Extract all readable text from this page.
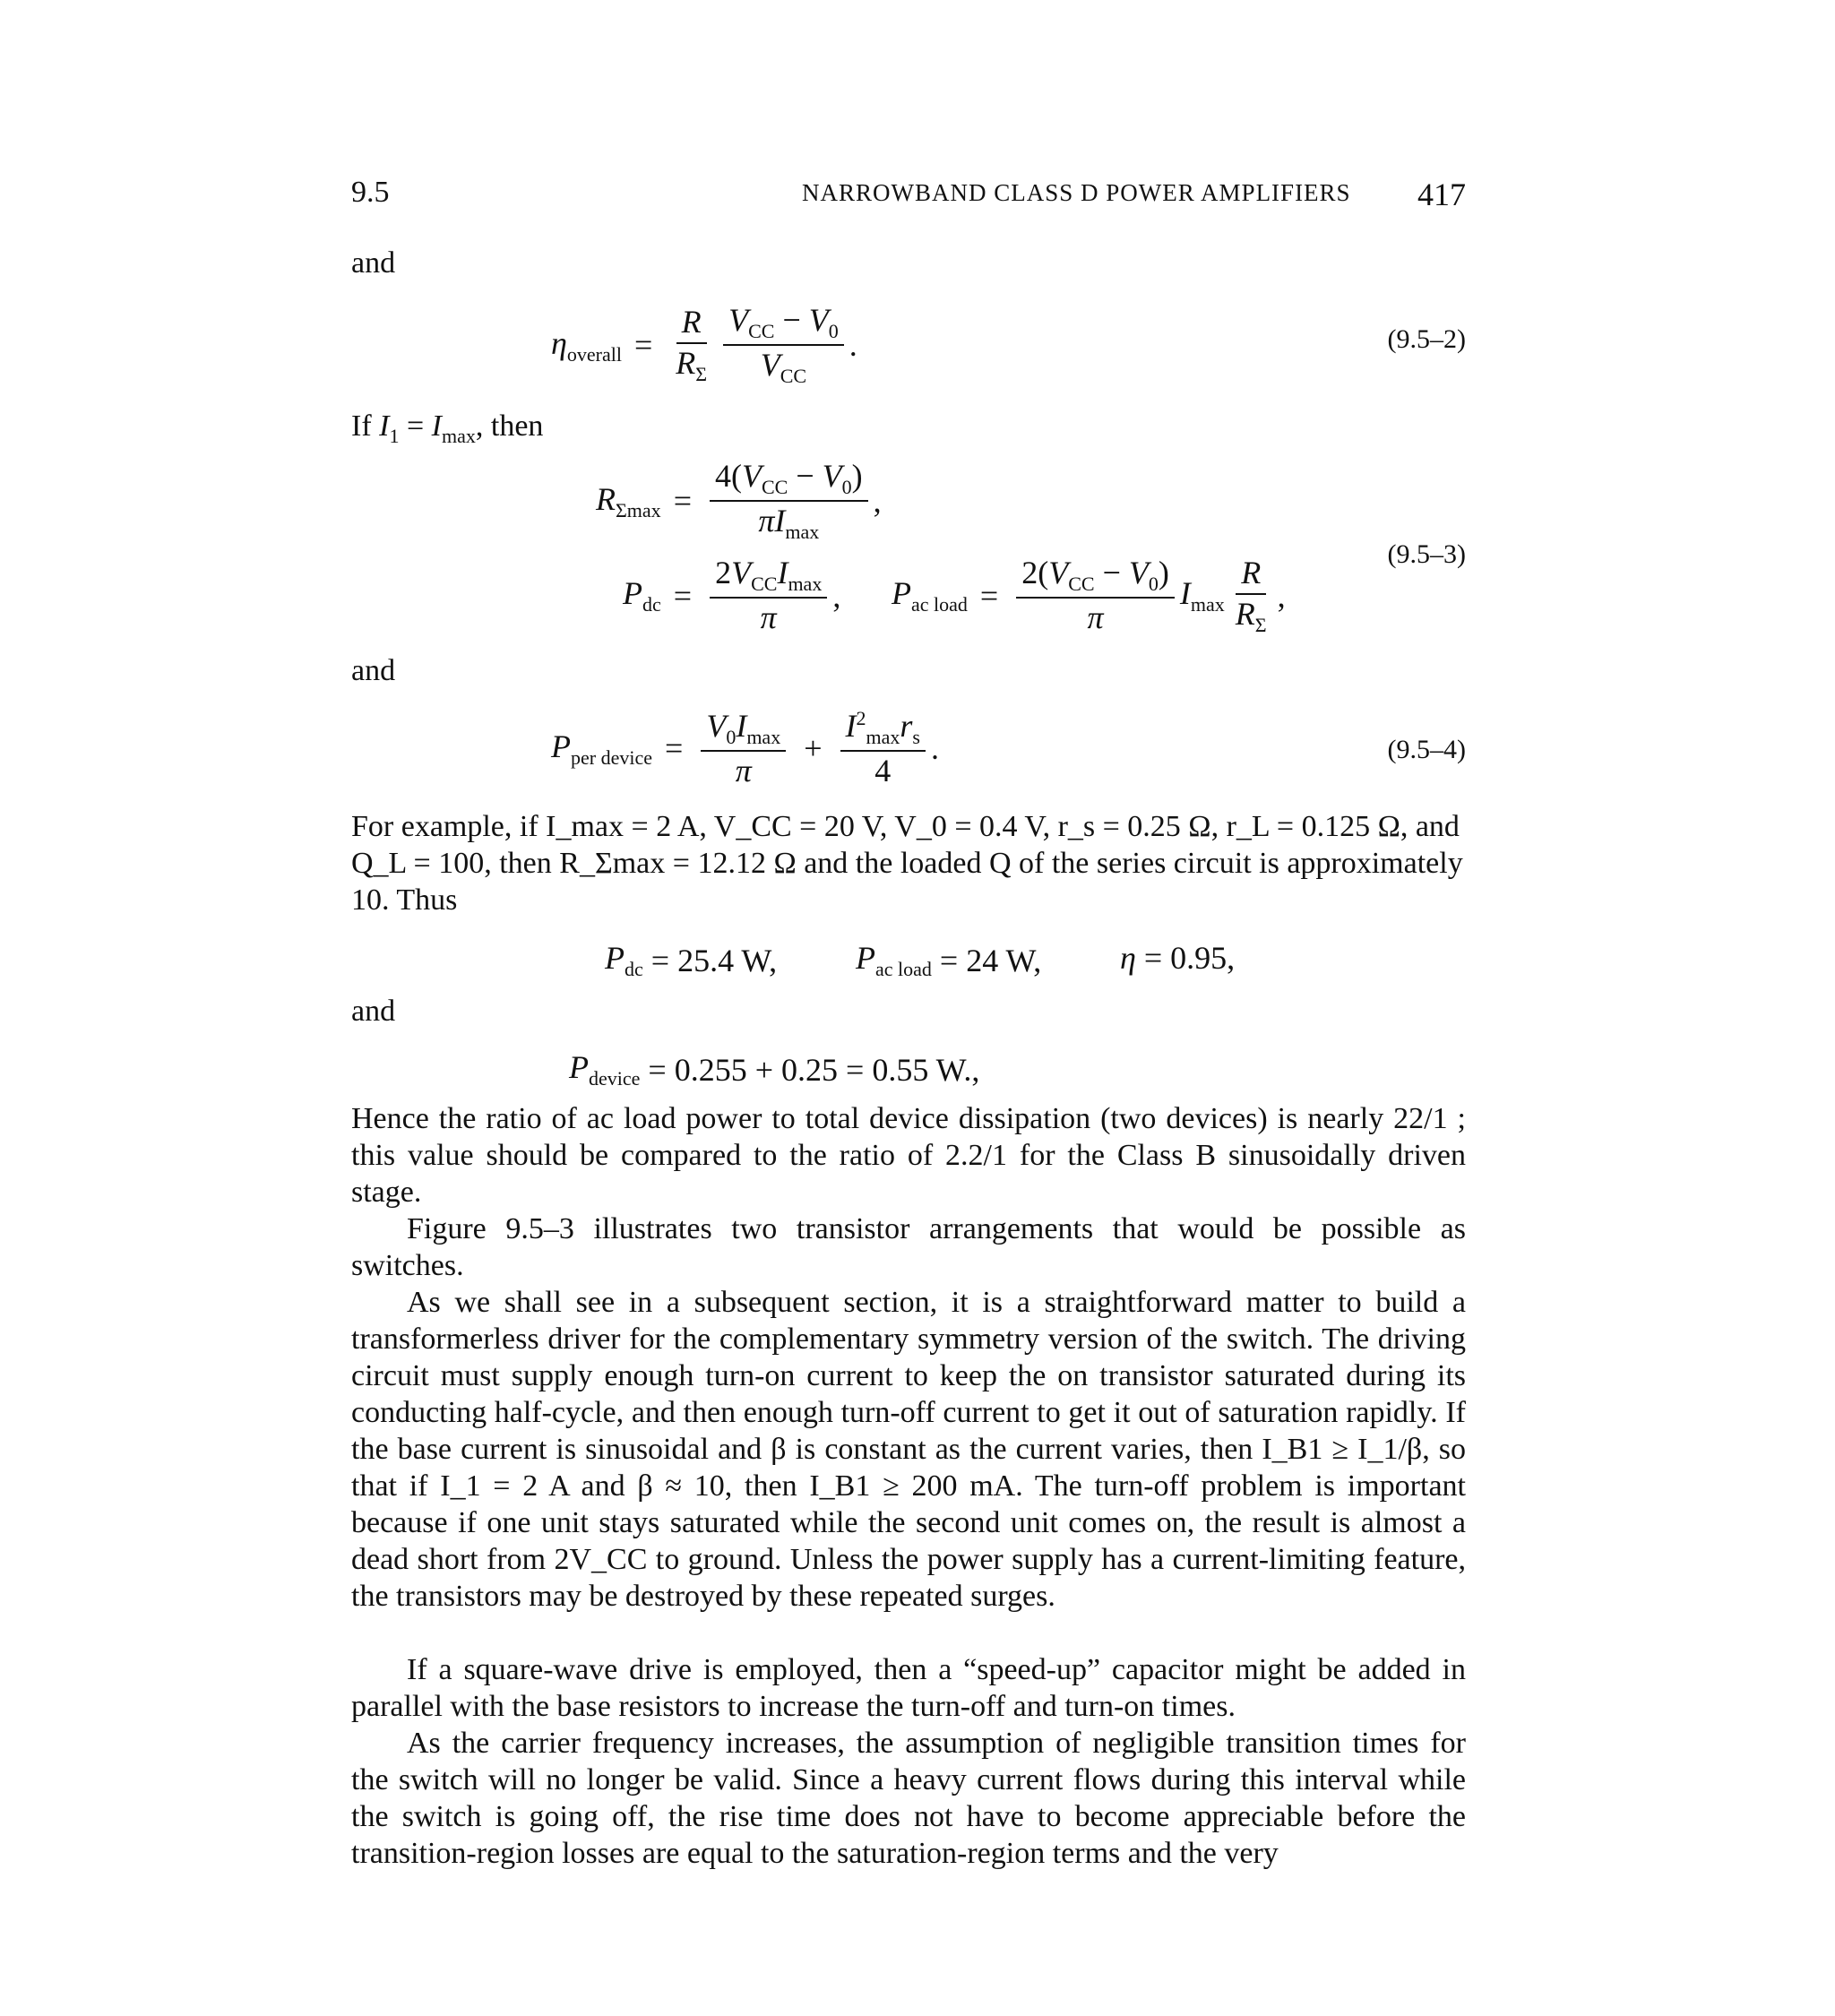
9.5	NARROWBAND CLASS D POWER AMPLIFIERS 417
and
$\eta_{overall} = \frac{R}{R_\Sigma} \frac{V_{CC} - V_0}{V_{CC}}$ .	(9.5–2)
If $I_1 = I_{max}$, then
$R_{\Sigma max} = \frac{4(V_{CC} - V_0)}{\pi I_{max}}$ ,
$P_{dc} = \frac{2V_{CC}I_{max}}{\pi}$ , $P_{ac load} = \frac{2(V_{CC} - V_0)}{\pi} I_{max} \frac{R}{R_\Sigma}$ ,
(9.5–3)
and
$P_{per device} = \frac{V_0I_{max}}{\pi} + \frac{I^2_{max}r_s}{4}$ .	(9.5–4)
For example, if I_max = 2 A, V_CC = 20 V, V_0 = 0.4 V, r_s = 0.25 Ω, r_L = 0.125 Ω, and
Q_L = 100, then R_Σmax = 12.12 Ω and the loaded Q of the series circuit is approximately
10. Thus
$P_{dc}$
= 25.4 W, $P_{ac load}$
= 24 W, η
= 0.95,
and
$P_{device}$
= 0.255 + 0.25 = 0.55 W.,

Hence the ratio of ac load power to total device dissipation (two devices) is nearly 22/1 ; this value should be compared to the ratio of 2.2/1 for the Class B sinusoidally driven stage.

Figure 9.5–3 illustrates two transistor arrangements that would be possible as switches.

As we shall see in a subsequent section, it is a straightforward matter to build a transformerless driver for the complementary symmetry version of the switch. The driving circuit must supply enough turn-on current to keep the on transistor saturated during its conducting half-cycle, and then enough turn-off current to get it out of saturation rapidly. If the base current is sinusoidal and β is constant as the current varies, then I_B1 ≥ I_1/β, so that if I_1 = 2 A and β ≈ 10, then I_B1 ≥ 200 mA. The turn-off problem is important because if one unit stays saturated while the second unit comes on, the result is almost a dead short from 2V_CC to ground. Unless the power supply has a current-limiting feature, the transistors may be destroyed by these repeated surges.

If a square-wave drive is employed, then a “speed-up” capacitor might be added in parallel with the base resistors to increase the turn-off and turn-on times.

As the carrier frequency increases, the assumption of negligible transition times for the switch will no longer be valid. Since a heavy current flows during this interval while the switch is going off, the rise time does not have to become appreciable before the transition-region losses are equal to the saturation-region terms and the very
